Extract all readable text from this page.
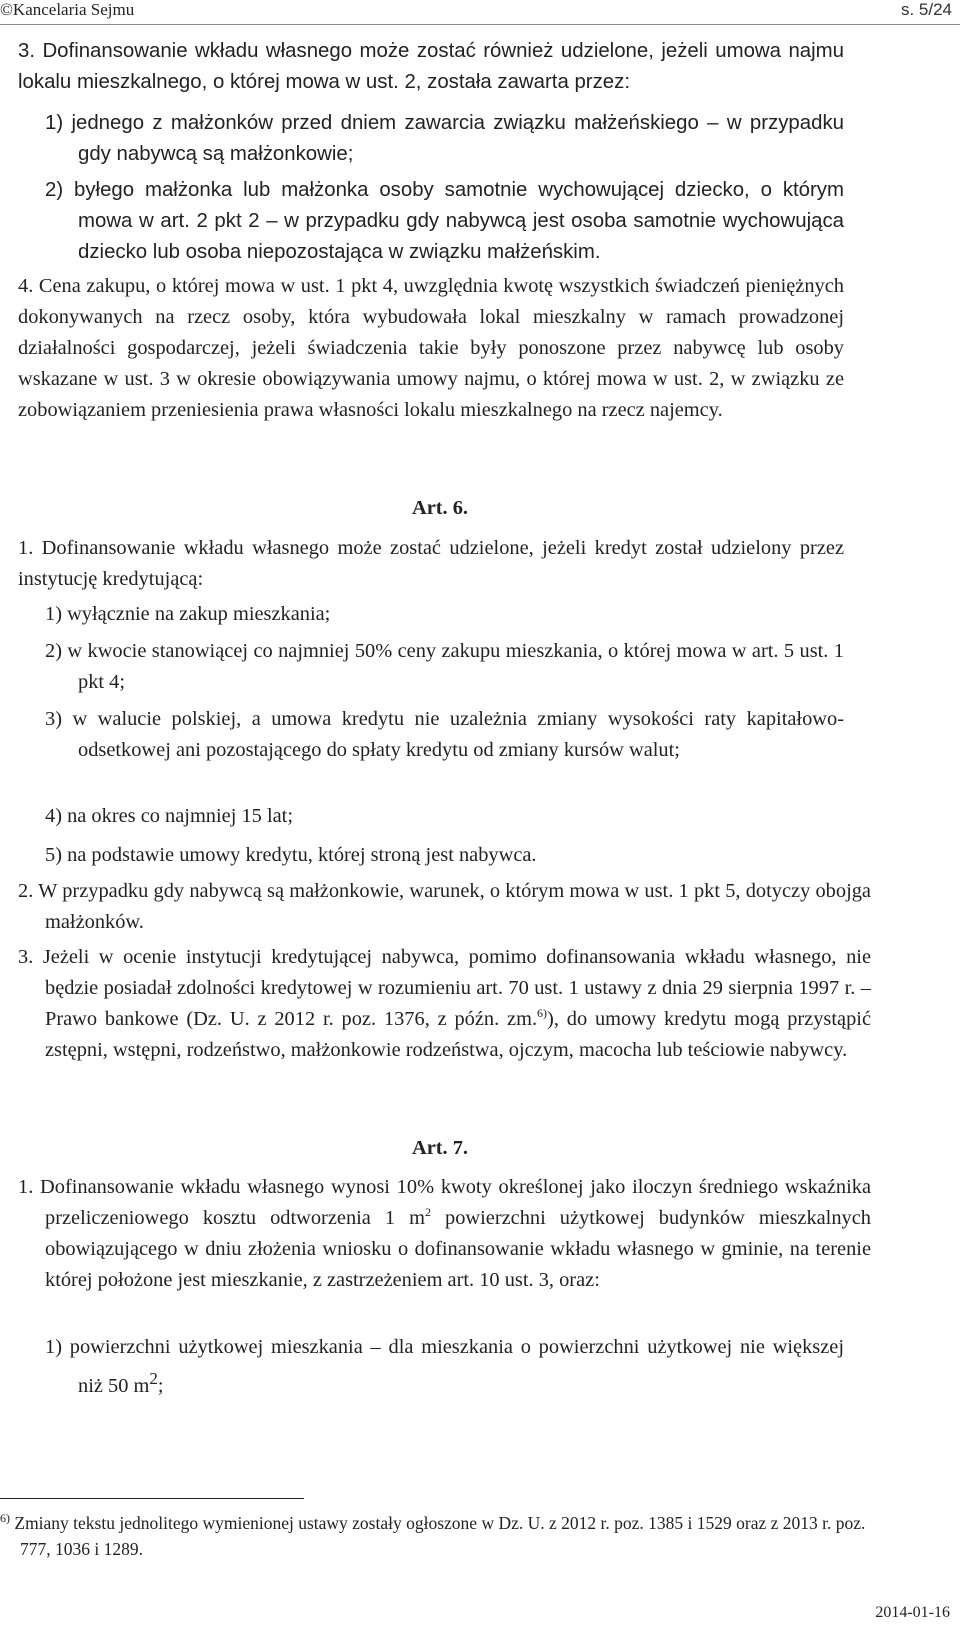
©Kancelaria Sejmu	s. 5/24
3. Dofinansowanie wkładu własnego może zostać również udzielone, jeżeli umowa najmu lokalu mieszkalnego, o której mowa w ust. 2, została zawarta przez:
1) jednego z małżonków przed dniem zawarcia związku małżeńskiego – w przypadku gdy nabywcą są małżonkowie;
2) byłego małżonka lub małżonka osoby samotnie wychowującej dziecko, o którym mowa w art. 2 pkt 2 – w przypadku gdy nabywcą jest osoba samotnie wychowująca dziecko lub osoba niepozostająca w związku małżeńskim.
4. Cena zakupu, o której mowa w ust. 1 pkt 4, uwzględnia kwotę wszystkich świadczeń pieniężnych dokonywanych na rzecz osoby, która wybudowała lokal mieszkalny w ramach prowadzonej działalności gospodarczej, jeżeli świadczenia takie były ponoszone przez nabywcę lub osoby wskazane w ust. 3 w okresie obowiązywania umowy najmu, o której mowa w ust. 2, w związku ze zobowiązaniem przeniesienia prawa własności lokalu mieszkalnego na rzecz najemcy.
Art. 6.
1. Dofinansowanie wkładu własnego może zostać udzielone, jeżeli kredyt został udzielony przez instytucję kredytującą:
1) wyłącznie na zakup mieszkania;
2) w kwocie stanowiącej co najmniej 50% ceny zakupu mieszkania, o której mowa w art. 5 ust. 1 pkt 4;
3) w walucie polskiej, a umowa kredytu nie uzależnia zmiany wysokości raty kapitałowo-odsetkowej ani pozostającego do spłaty kredytu od zmiany kursów walut;
4) na okres co najmniej 15 lat;
5) na podstawie umowy kredytu, której stroną jest nabywca.
2. W przypadku gdy nabywcą są małżonkowie, warunek, o którym mowa w ust. 1 pkt 5, dotyczy obojga małżonków.
3. Jeżeli w ocenie instytucji kredytującej nabywca, pomimo dofinansowania wkładu własnego, nie będzie posiadał zdolności kredytowej w rozumieniu art. 70 ust. 1 ustawy z dnia 29 sierpnia 1997 r. – Prawo bankowe (Dz. U. z 2012 r. poz. 1376, z późn. zm.$^{6)}$), do umowy kredytu mogą przystąpić zstępni, wstępni, rodzeństwo, małżonkowie rodzeństwa, ojczym, macocha lub teściowie nabywcy.
Art. 7.
1. Dofinansowanie wkładu własnego wynosi 10% kwoty określonej jako iloczyn średniego wskaźnika przeliczeniowego kosztu odtworzenia 1 $m^2$ powierzchni użytkowej budynków mieszkalnych obowiązującego w dniu złożenia wniosku o dofinansowanie wkładu własnego w gminie, na terenie której położone jest mieszkanie, z zastrzeżeniem art. 10 ust. 3, oraz:
1) powierzchni użytkowej mieszkania – dla mieszkania o powierzchni użytkowej nie większej niż 50 $m^2$;
$^{6)}$ Zmiany tekstu jednolitego wymienionej ustawy zostały ogłoszone w Dz. U. z 2012 r. poz. 1385 i 1529 oraz z 2013 r. poz. 777, 1036 i 1289.
2014-01-16
